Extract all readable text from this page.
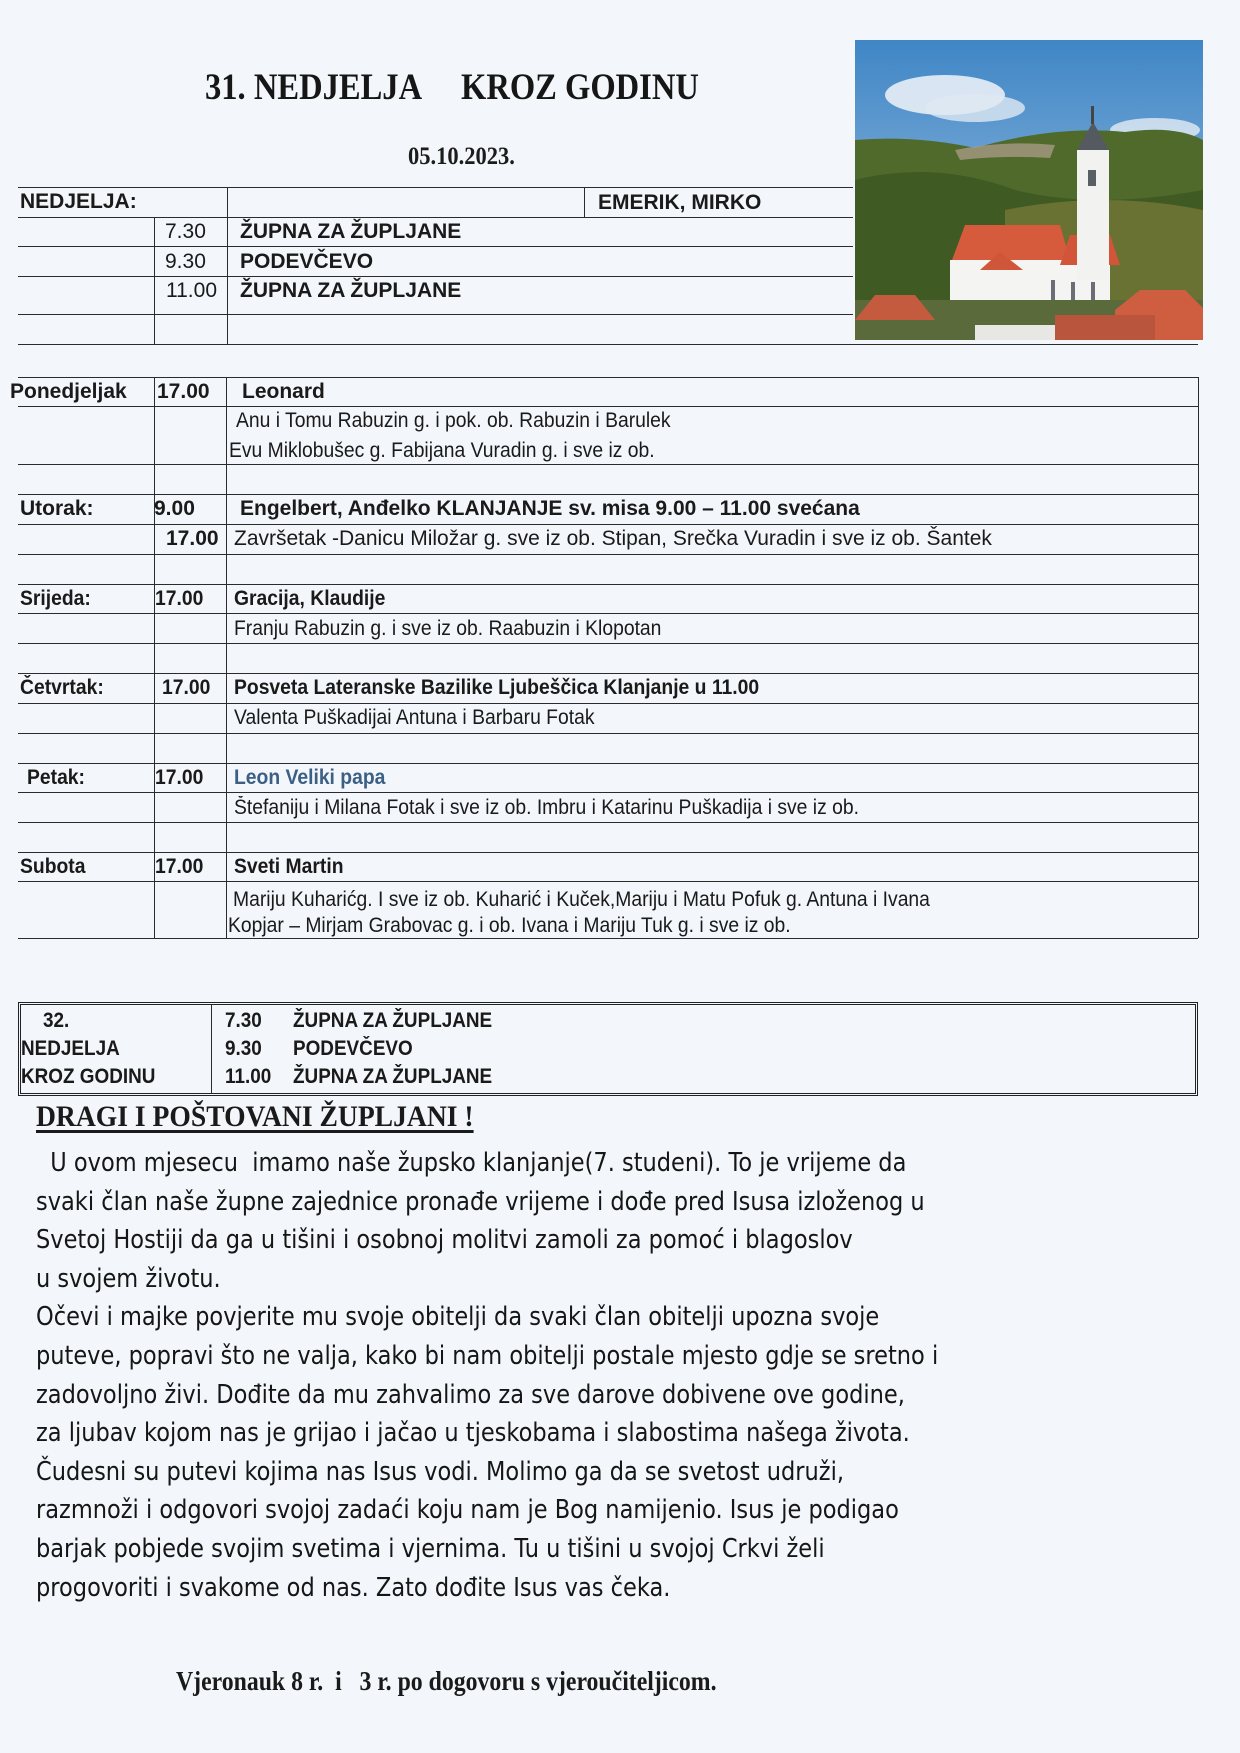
31. NEDJELJA     KROZ GODINU
05.10.2023.
NEDJELJA:	EMERIK, MIRKO
7.30 ŽUPNA ZA ŽUPLJANE
9.30 PODEVČEVO
11.00 ŽUPNA ZA ŽUPLJANE
Ponedjeljak 17.00 Leonard
Anu i Tomu Rabuzin g. i pok. ob. Rabuzin i Barulek
Evu Miklobušec g. Fabijana Vuradin g. i sve iz ob.
Utorak:	9.00 Engelbert, Anđelko KLANJANJE sv. misa 9.00 – 11.00 svećana
17.00 Završetak -Danicu Miložar g. sve iz ob. Stipan, Srečka Vuradin i sve iz ob. Šantek
Srijeda:	17.00 Gracija, Klaudije
Franju Rabuzin g. i sve iz ob. Raabuzin i Klopotan
Četvrtak:	17.00 Posveta Lateranske Bazilike Ljubeščica Klanjanje u 11.00
Valenta Puškadijai Antuna i Barbaru Fotak
Petak:	17.00 Leon Veliki papa
Štefaniju i Milana Fotak i sve iz ob. Imbru i Katarinu Puškadija i sve iz ob.
Subota	17.00 Sveti Martin
Mariju Kuharićg. I sve iz ob. Kuharić i Kuček,Mariju i Matu Pofuk g. Antuna i Ivana
Kopjar – Mirjam Grabovac g. i ob. Ivana i Mariju Tuk g. i sve iz ob.
32.
NEDJELJA
KROZ GODINU
7.30 ŽUPNA ZA ŽUPLJANE
9.30 PODEVČEVO
11.00 ŽUPNA ZA ŽUPLJANE
DRAGI I POŠTOVANI ŽUPLJANI !
U ovom mjesecu  imamo naše župsko klanjanje(7. studeni). To je vrijeme da
svaki član naše župne zajednice pronađe vrijeme i dođe pred Isusa izloženog u
Svetoj Hostiji da ga u tišini i osobnoj molitvi zamoli za pomoć i blagoslov
u svojem životu.
Očevi i majke povjerite mu svoje obitelji da svaki član obitelji upozna svoje
puteve, popravi što ne valja, kako bi nam obitelji postale mjesto gdje se sretno i
zadovoljno živi. Dođite da mu zahvalimo za sve darove dobivene ove godine,
za ljubav kojom nas je grijao i jačao u tjeskobama i slabostima našega života.
Čudesni su putevi kojima nas Isus vodi. Molimo ga da se svetost udruži,
razmnoži i odgovori svojoj zadaći koju nam je Bog namijenio. Isus je podigao
barjak pobjede svojim svetima i vjernima. Tu u tišini u svojoj Crkvi želi
progovoriti i svakome od nas. Zato dođite Isus vas čeka.
Vjeronauk 8 r.  i   3 r. po dogovoru s vjeroučiteljicom.
